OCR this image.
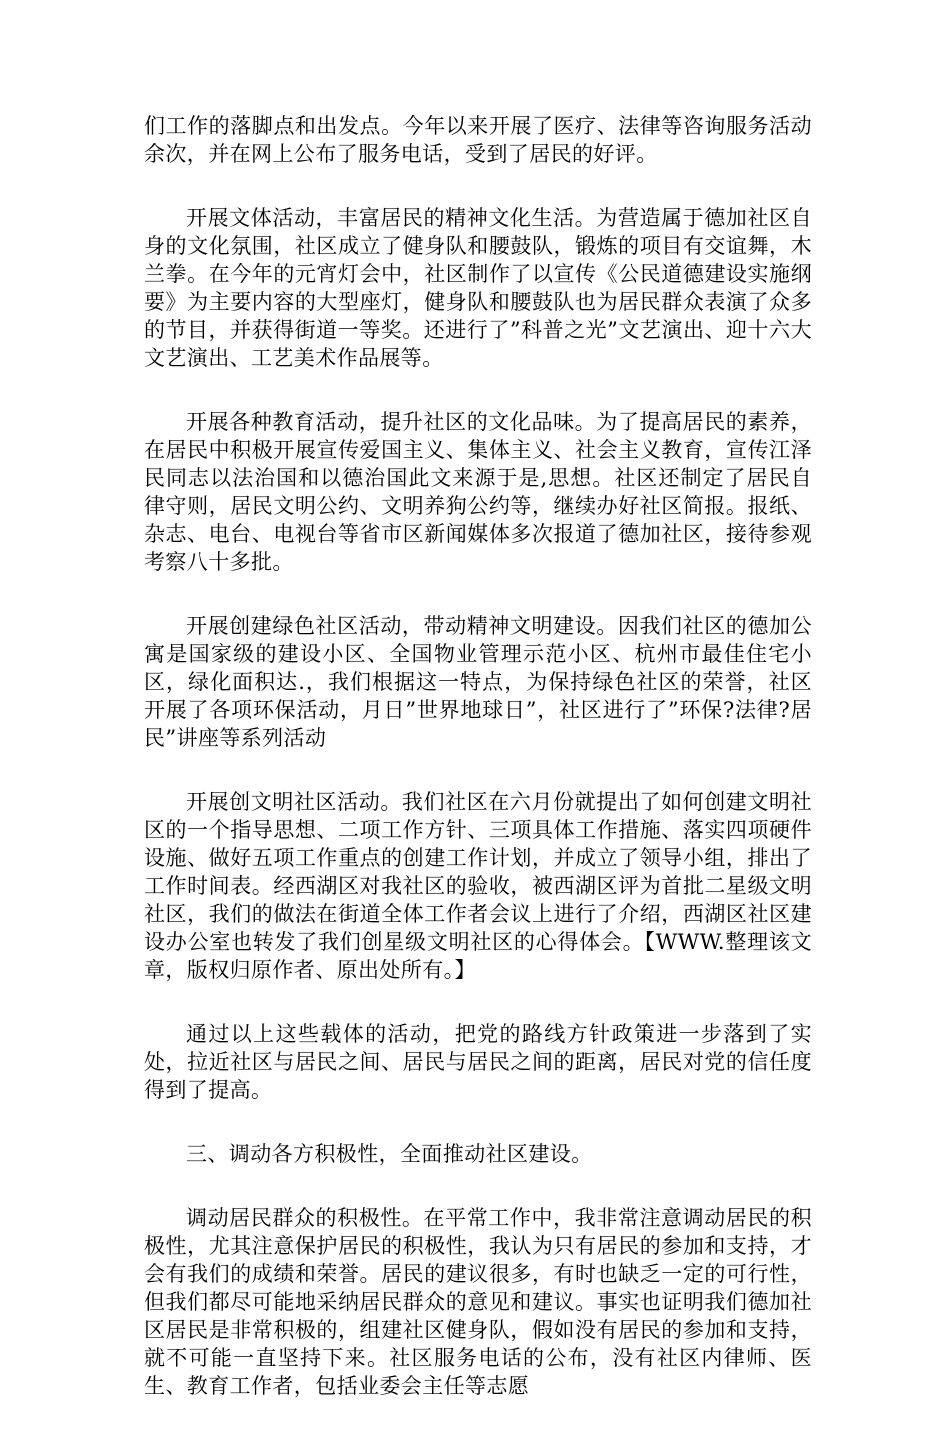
们工作的落脚点和出发点。今年以来开展了医疗、法律等咨询服务活动余次，并在网上公布了服务电话，受到了居民的好评。

开展文体活动，丰富居民的精神文化生活。为营造属于德加社区自身的文化氛围，社区成立了健身队和腰鼓队，锻炼的项目有交谊舞，木兰拳。在今年的元宵灯会中，社区制作了以宣传《公民道德建设实施纲要》为主要内容的大型座灯，健身队和腰鼓队也为居民群众表演了众多的节目，并获得街道一等奖。还进行了”科普之光”文艺演出、迎十六大文艺演出、工艺美术作品展等。

开展各种教育活动，提升社区的文化品味。为了提高居民的素养，在居民中积极开展宣传爱国主义、集体主义、社会主义教育，宣传江泽民同志以法治国和以德治国此文来源于是,思想。社区还制定了居民自律守则，居民文明公约、文明养狗公约等，继续办好社区简报。报纸、杂志、电台、电视台等省市区新闻媒体多次报道了德加社区，接待参观考察八十多批。

开展创建绿色社区活动，带动精神文明建设。因我们社区的德加公寓是国家级的建设小区、全国物业管理示范小区、杭州市最佳住宅小区，绿化面积达.，我们根据这一特点，为保持绿色社区的荣誉，社区开展了各项环保活动，月日”世界地球日”，社区进行了”环保?法律?居民”讲座等系列活动

开展创文明社区活动。我们社区在六月份就提出了如何创建文明社区的一个指导思想、二项工作方针、三项具体工作措施、落实四项硬件设施、做好五项工作重点的创建工作计划，并成立了领导小组，排出了工作时间表。经西湖区对我社区的验收，被西湖区评为首批二星级文明社区，我们的做法在街道全体工作者会议上进行了介绍，西湖区社区建设办公室也转发了我们创星级文明社区的心得体会。【WWW.整理该文章，版权归原作者、原出处所有。】

通过以上这些载体的活动，把党的路线方针政策进一步落到了实处，拉近社区与居民之间、居民与居民之间的距离，居民对党的信任度得到了提高。

三、调动各方积极性，全面推动社区建设。

调动居民群众的积极性。在平常工作中，我非常注意调动居民的积极性，尤其注意保护居民的积极性，我认为只有居民的参加和支持，才会有我们的成绩和荣誉。居民的建议很多，有时也缺乏一定的可行性，但我们都尽可能地采纳居民群众的意见和建议。事实也证明我们德加社区居民是非常积极的，组建社区健身队，假如没有居民的参加和支持，就不可能一直坚持下来。社区服务电话的公布，没有社区内律师、医生、教育工作者，包括业委会主任等志愿
